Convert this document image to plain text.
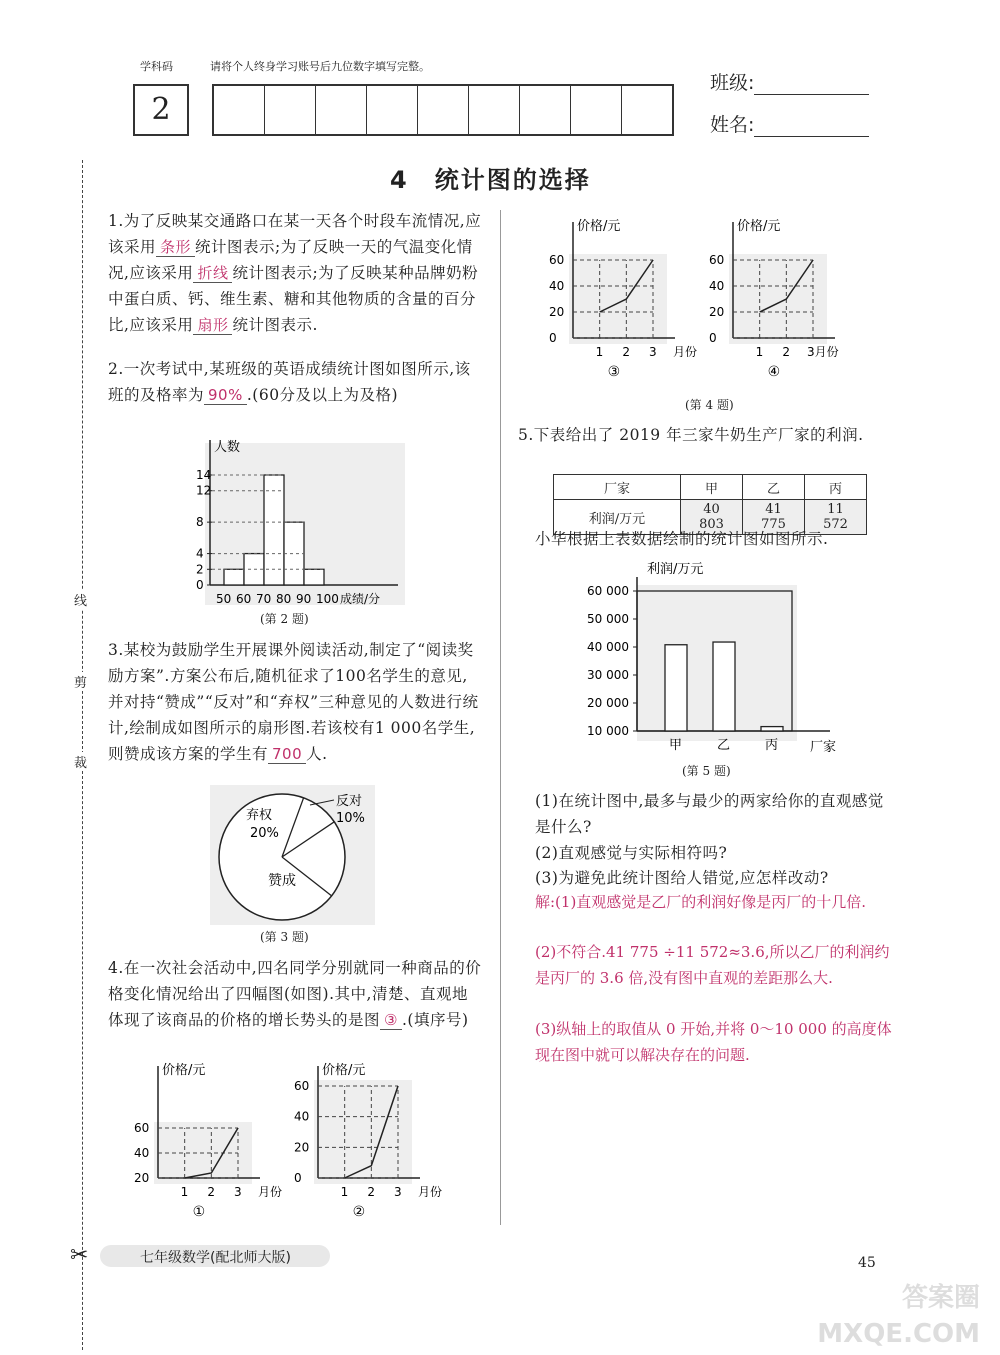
学科码	请将个人终身学习账号后九位数字填写完整。
2
班级:
姓名:
线
剪
裁
4　统计图的选择
1.为了反映某交通路口在某一天各个时段车流情况,应该采用 条形 统计图表示;为了反映一天的气温变化情况,应该采用 折线 统计图表示;为了反映某种品牌奶粉中蛋白质、钙、维生素、糖和其他物质的含量的百分比,应该采用 扇形 统计图表示.
2.一次考试中,某班级的英语成绩统计图如图所示,该班的及格率为 90% .(60分及以上为及格)
人数
0
2
4
8
12
14
50 60 70 80 90 100 成绩/分
(第 2 题)
3.某校为鼓励学生开展课外阅读活动,制定了“阅读奖励方案”.方案公布后,随机征求了100名学生的意见,并对持“赞成”“反对”和“弃权”三种意见的人数进行统计,绘制成如图所示的扇形图.若该校有1 000名学生,则赞成该方案的学生有 700 人.
弃权
20%
反对
10%
赞成
(第 3 题)
4.在一次社会活动中,四名同学分别就同一种商品的价格变化情况给出了四幅图(如图).其中,清楚、直观地体现了该商品的价格的增长势头的是图 ③ .(填序号)
价格/元
20
40
60
1 2 3 月份
①
价格/元
0
20
40
60
1 2 3 月份
②
价格/元
0
20
40
60
1 2 3 月份
③
价格/元
0
20
40
60
1 2 3月份
④
(第 4 题)
5.下表给出了 2019 年三家牛奶生产厂家的利润.
厂家	甲	乙	丙
利润/万元	40 803	41 775	11 572
小华根据上表数据绘制的统计图如图所示.
利润/万元
厂家
10 000
20 000
30 000
40 000
50 000
60 000
甲	乙	丙
(第 5 题)
(1)在统计图中,最多与最少的两家给你的直观感觉是什么?
(2)直观感觉与实际相符吗?
(3)为避免此统计图给人错觉,应怎样改动?
解:(1)直观感觉是乙厂的利润好像是丙厂的十几倍.
(2)不符合.41 775 ÷11 572≈3.6,所以乙厂的利润约是丙厂的 3.6 倍,没有图中直观的差距那么大.
(3)纵轴上的取值从 0 开始,并将 0～10 000 的高度体现在图中就可以解决存在的问题.
✂	七年级数学(配北师大版)	45
答案圈 MXQE.COM
